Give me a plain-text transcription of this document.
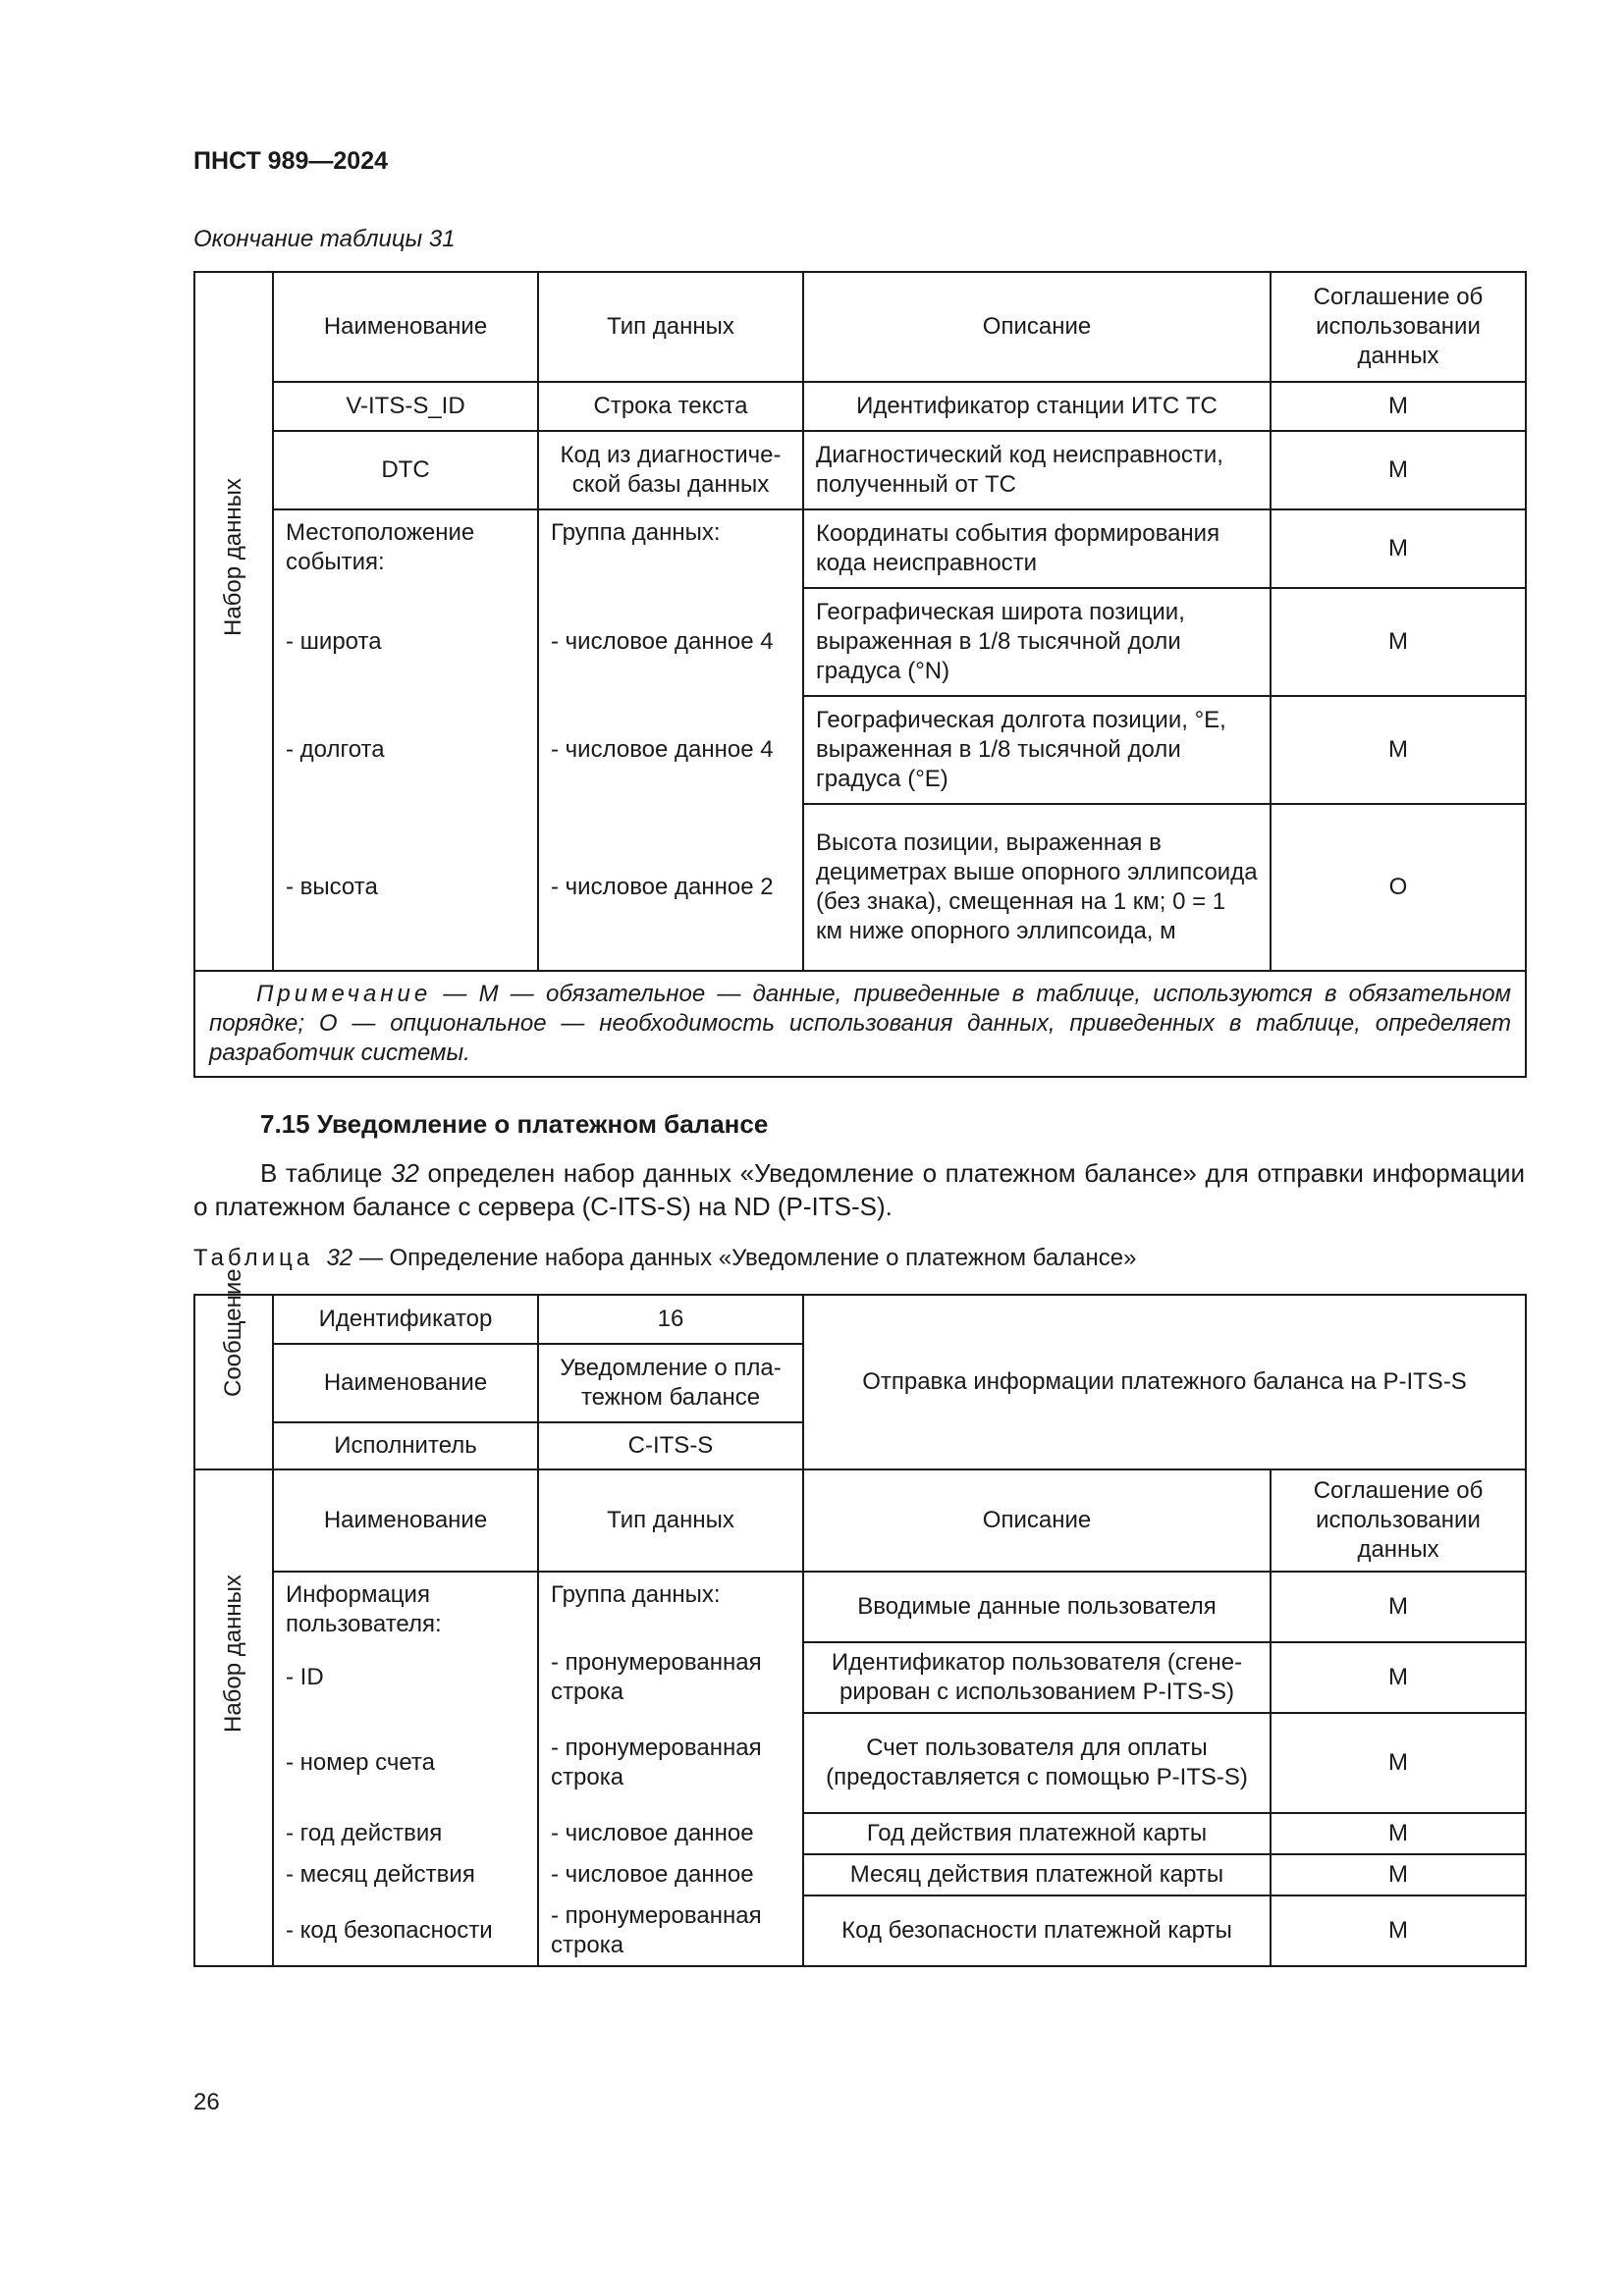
ПНСТ 989—2024
Окончание таблицы 31
Набор данных	Наименование	Тип данных	Описание	Соглашение об использовании данных
	V-ITS-S_ID	Строка текста	Идентификатор станции ИТС ТС	М
	DTC	Код из диагностиче-ской базы данных	Диагностический код неисправности, полученный от ТС	М
	Местоположение события:	Группа данных:	Координаты события формирования кода неисправности	М
	- широта	- числовое данное 4	Географическая широта позиции, выраженная в 1/8 тысячной доли градуса (°N)	М
	- долгота	- числовое данное 4	Географическая долгота позиции, °E, выраженная в 1/8 тысячной доли градуса (°E)	М
	- высота	- числовое данное 2	Высота позиции, выраженная в дециметрах выше опорного эллипсоида (без знака), смещенная на 1 км; 0 = 1 км ниже опорного эллипсоида, м	О

  Примечание — М — обязательное — данные, приведенные в таблице, используются в обязательном порядке; О — опциональное — необходимость использования данных, приведенных в таблице, определяет разработчик системы.				
7.15 Уведомление о платежном балансе
В таблице 32 определен набор данных «Уведомление о платежном балансе» для отправки информации о платежном балансе с сервера (C-ITS-S) на ND (P-ITS-S).
Таблица 32 — Определение набора данных «Уведомление о платежном балансе»
Сообщение	Идентификатор	16	Отправка информации платежного баланса на P-ITS-S	
	Наименование	Уведомление о пла-тежном балансе		
	Исполнитель	C-ITS-S		

Набор данных	Наименование	Тип данных	Описание	Соглашение об использовании данных
	Информация пользователя:	Группа данных:	Вводимые данные пользователя	М
	- ID	- пронумерованная строка	Идентификатор пользователя (сгене-рирован с использованием P-ITS-S)	М
	- номер счета	- пронумерованная строка	Счет пользователя для оплаты (предоставляется с помощью P-ITS-S)	М
	- год действия	- числовое данное	Год действия платежной карты	М
	- месяц действия	- числовое данное	Месяц действия платежной карты	М
	- код безопасности	- пронумерованная строка	Код безопасности платежной карты	М
26
